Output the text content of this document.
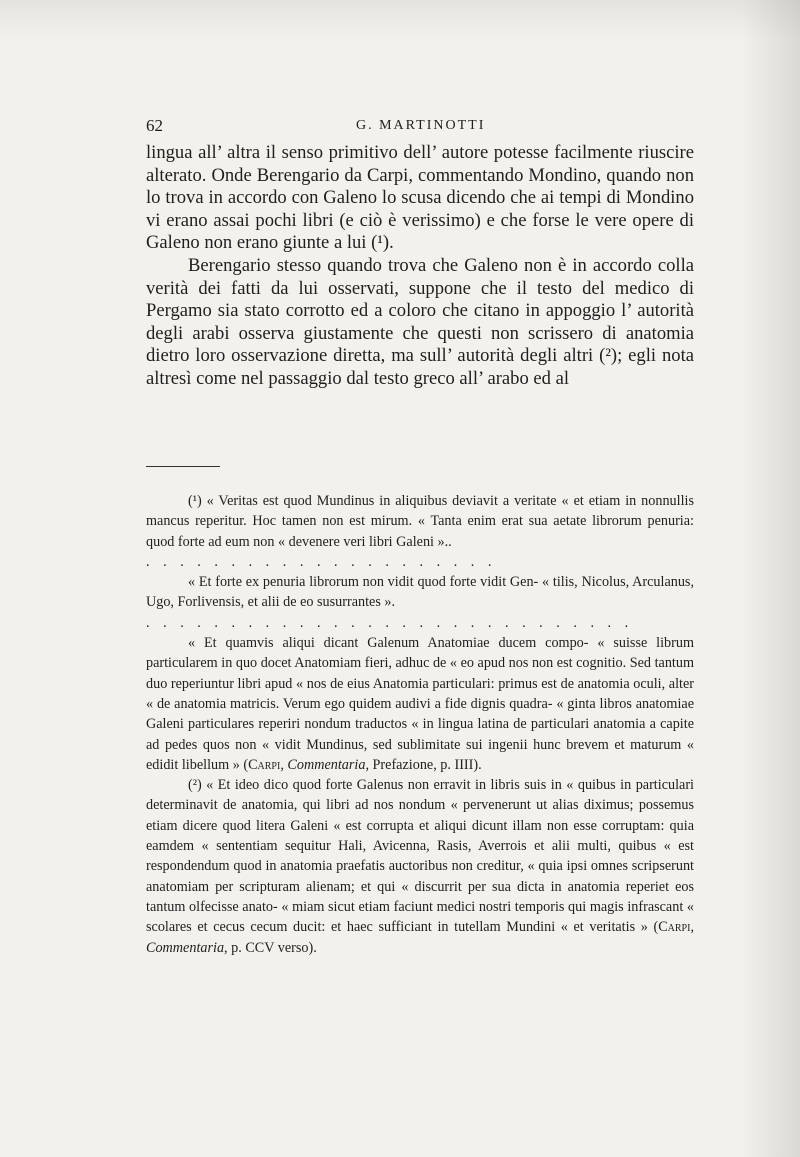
62	G. MARTINOTTI

lingua all’ altra il senso primitivo dell’ autore potesse facilmente riuscire alterato. Onde Berengario da Carpi, commentando Mondino, quando non lo trova in accordo con Galeno lo scusa dicendo che ai tempi di Mondino vi erano assai pochi libri (e ciò è verissimo) e che forse le vere opere di Galeno non erano giunte a lui (¹).

Berengario stesso quando trova che Galeno non è in accordo colla verità dei fatti da lui osservati, suppone che il testo del medico di Pergamo sia stato corrotto ed a coloro che citano in appoggio l’ autorità degli arabi osserva giustamente che questi non scrissero di anatomia dietro loro osservazione diretta, ma sull’ autorità degli altri (²); egli nota altresì come nel passaggio dal testo greco all’ arabo ed al

(¹) « Veritas est quod Mundinus in aliquibus deviavit a veritate « et etiam in nonnullis mancus reperitur. Hoc tamen non est mirum. « Tanta enim erat sua aetate librorum penuria: quod forte ad eum non « devenere veri libri Galeni »..

. . . . . . . . . . . . . . . . . . . . .

« Et forte ex penuria librorum non vidit quod forte vidit Gen- « tilis, Nicolus, Arculanus, Ugo, Forlivensis, et alii de eo susurrantes ».

. . . . . . . . . . . . . . . . . . . . . . . . . . . . .

« Et quamvis aliqui dicant Galenum Anatomiae ducem compo- « suisse librum particularem in quo docet Anatomiam fieri, adhuc de « eo apud nos non est cognitio. Sed tantum duo reperiuntur libri apud « nos de eius Anatomia particulari: primus est de anatomia oculi, alter « de anatomia matricis. Verum ego quidem audivi a fide dignis quadra- « ginta libros anatomiae Galeni particulares reperiri nondum traductos « in lingua latina de particulari anatomia a capite ad pedes quos non « vidit Mundinus, sed sublimitate sui ingenii hunc brevem et maturum « edidit libellum » (Carpi, Commentaria, Prefazione, p. IIII).

(²) « Et ideo dico quod forte Galenus non erravit in libris suis in « quibus in particulari determinavit de anatomia, qui libri ad nos nondum « pervenerunt ut alias diximus; possemus etiam dicere quod litera Galeni « est corrupta et aliqui dicunt illam non esse corruptam: quia eamdem « sententiam sequitur Hali, Avicenna, Rasis, Averrois et alii multi, quibus « est respondendum quod in anatomia praefatis auctoribus non creditur, « quia ipsi omnes scripserunt anatomiam per scripturam alienam; et qui « discurrit per sua dicta in anatomia reperiet eos tantum olfecisse anato- « miam sicut etiam faciunt medici nostri temporis qui magis infrascant « scolares et cecus cecum ducit: et haec sufficiant in tutellam Mundini « et veritatis » (Carpi, Commentaria, p. CCV verso).
